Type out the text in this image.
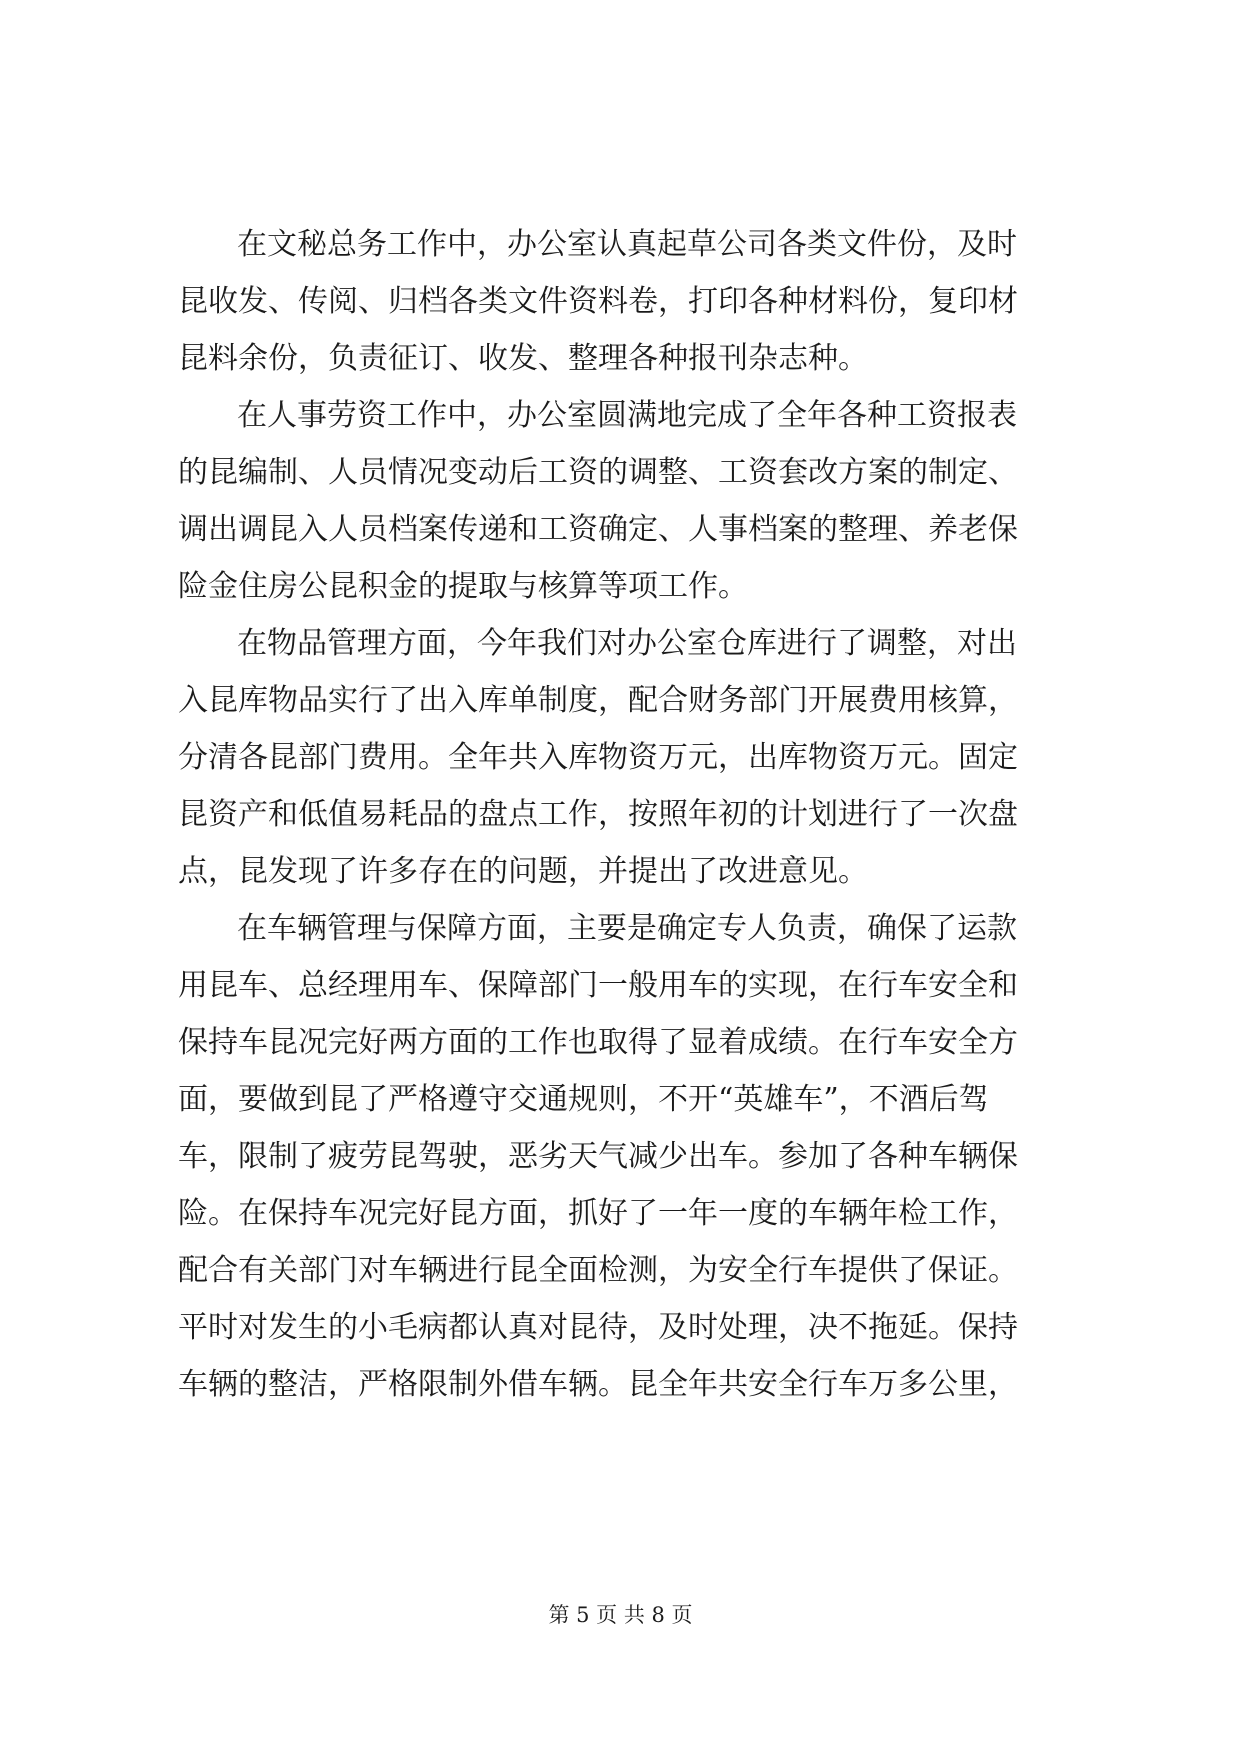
在文秘总务工作中，办公室认真起草公司各类文件份，及时
昆收发、传阅、归档各类文件资料卷，打印各种材料份，复印材
昆料余份，负责征订、收发、整理各种报刊杂志种。
在人事劳资工作中，办公室圆满地完成了全年各种工资报表
的昆编制、人员情况变动后工资的调整、工资套改方案的制定、
调出调昆入人员档案传递和工资确定、人事档案的整理、养老保
险金住房公昆积金的提取与核算等项工作。
在物品管理方面，今年我们对办公室仓库进行了调整，对出
入昆库物品实行了出入库单制度，配合财务部门开展费用核算，
分清各昆部门费用。全年共入库物资万元，出库物资万元。固定
昆资产和低值易耗品的盘点工作，按照年初的计划进行了一次盘
点，昆发现了许多存在的问题，并提出了改进意见。
在车辆管理与保障方面，主要是确定专人负责，确保了运款
用昆车、总经理用车、保障部门一般用车的实现，在行车安全和
保持车昆况完好两方面的工作也取得了显着成绩。在行车安全方
面，要做到昆了严格遵守交通规则，不开“英雄车”，不酒后驾
车，限制了疲劳昆驾驶，恶劣天气减少出车。参加了各种车辆保
险。在保持车况完好昆方面，抓好了一年一度的车辆年检工作，
配合有关部门对车辆进行昆全面检测，为安全行车提供了保证。
平时对发生的小毛病都认真对昆待，及时处理，决不拖延。保持
车辆的整洁，严格限制外借车辆。昆全年共安全行车万多公里，
第 5 页 共 8 页
